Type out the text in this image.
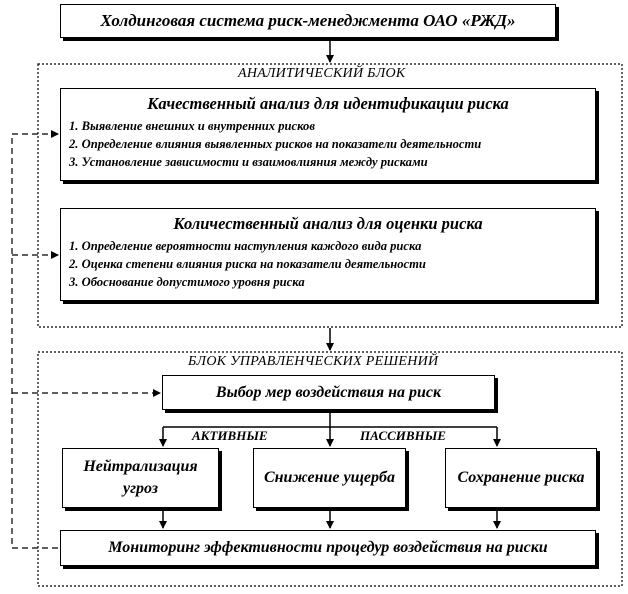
Холдинговая система риск-менеджмента ОАО «РЖД»
АНАЛИТИЧЕСКИЙ БЛОК
Качественный анализ для идентификации риска
1. Выявление внешних и внутренних рисков
2. Определение влияния выявленных рисков на показатели деятельности
3. Установление зависимости и взаимовлияния между рисками
Количественный анализ для оценки риска
1. Определение вероятности наступления каждого вида риска
2. Оценка степени влияния риска на показатели деятельности
3. Обоснование допустимого уровня риска
БЛОК УПРАВЛЕНЧЕСКИХ РЕШЕНИЙ
Выбор мер воздействия на риск
АКТИВНЫЕ	ПАССИВНЫЕ
Нейтрализация угроз
Снижение ущерба	Сохранение риска
Мониторинг эффективности процедур воздействия на риски
